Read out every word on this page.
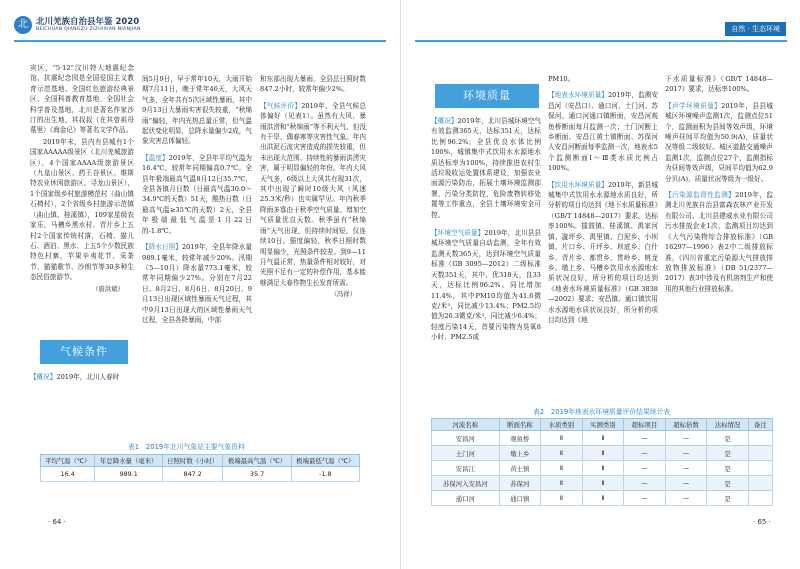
北 北川羌族自治县年鉴 2020
BEICHUAN QIANGZU ZIZHIXIAN NIANJIAN

宾区，“5·12”汶川特大地震纪念馆、抗震纪念园是全国爱国主义教育示范基地、全国红色旅游经典景区、全国科普教育基地、全国社会科学普及基地，北川是著名作家沙汀的出生地，其叔叔（在其曾祖母墓里）《海金记》等著名文学作品。

2019年末，县内有县城有1个国家AAAAA级景区（北川羌城旅游区），4个国家AAAA级旅游景区（九皇山景区、药王谷景区、维斯特农业休闲旅游区、寻龙山景区），1个国家级乡村旅游模范村（曲山镇石椅村），2个省级乡村旅游示范镇（曲山镇、桂溪镇），109家星级农家乐，马槽乡黑水村、青片乡上五村2个国家传统村落，石椅、猫儿石、酒泊、黑水、上五5个少数民族特色村寨，苹果辛夷花节、采茶节、猫猫歌节、沙朗节等30多种生态民俗旅游节。

（唐洪斌）
气候条件

【概况】2019年，北川人春时

间5月9日，早于常年10天，大雨开始期7月11日，晚于常年46天，大风天气多，全年共有5次区域性暴雨，其中9月13日大暴雨实害很失较重，“秋绵雨”偏轻，年内光热总量正常，但气温起伏变化明显，总降水量偏少2成，气象灾害总体偏轻。

【温度】2019年，全县年平均气温为16.4℃，较常年同期偏高0.7℃。全县年极端最高气温8月12日35.7℃，全县各镇月日数（日最高气温30.0～34.9℃的天数）51天，酷热日数（日最高气温≥35℃的天数）2天，全县年极端最低气温是1月22日的-1.8℃。

【降水日照】2019年，全县年降水量989.1毫米，较常年减少20%。汛期（5—10月）降水量773.1毫米，较常年同期偏少27%。分别在7月22日、8月2日、8月6日、8月20日、9月13日出现区域性暴雨天气过程，其中9月13日出现大的区域性暴雨天气过程，全县各降暴雨，中部

和东部出现大暴雨，全县总日照时数847.2小时，较常年偏少2%。

【气候评价】2019年，全县气候总体偏好（见表1）。虽然有大风、暴雨洪涝和“秋绵雨”等不利天气，但没有干旱、偶春寒等灾害性气象。年内出洪泥石流灾害造成的损失较重，但未出现大范围、持续性的暴雨洪涝灾害，属于明显偏轻的年份。年内大风天气多，6级以上大风共有现31次，其中出现了瞬时10级大风（风速25.3米/秒）也实属罕见。年内秋季降雨多寡由于秋季空气质量、增加空气质量优良天数。秋季虽有“秋绵雨”天气出现，但持续时间短，仅连续10日。强度偏轻，秋季日照时数明显偏少，光照条件较差。到9—11月气温正常，热量条件相对较好，对光照不足有一定的补偿作用，基本能够满足大春作物生长发育所需。

（冯祥）
表1　2019年北川气象站主要气象资料
平均气温（℃）	年总降水量（毫米）	日照时数（小时）	极端最高气温（℃）	极端最低气温（℃）
16.4	989.1	847.2	35.7	-1.8
· 64 ·
自然 · 生态环境
环境质量

【概况】2019年，北川县城环境空气有效监测365天，达标351天，达标比例96.2%；全县优良水体比例100%，城镇集中式饮用水水源地水质达标率为100%，持续推进农村生活垃圾收运处置体系建设，加强农业面源污染防治，拓展土壤环境监测部署，污染分类防控，危险废物转移处置等工作重点，全县土壤环境安全可控。

【环境空气质量】2019年，北川县县城环境空气质量自动监测，全年有效监测天数365天，达到环境空气质量标准（GB 3095—2012）二级标准天数351天，其中，优318天，良33天，达标比例96.2%。同比增加11.4%，其中PM10均值为41.6微克/米³，同比减少13.4%；PM2.5均值为26.3微克/米³，同比减少6.4%；轻度污染14天，首要污染物为臭氧8小时、PM2.5或

PM10。

【地表水环境质量】2019年，监测安昌河（安昌口）、通口河、土门河、苏保河、通口河通口镇断面，安昌河观鱼桥断面每月监测一次；土门河断上乡断面、安昌江黄土镇断面、苏保河人安昌河断面每季监测一次，地表水5个监测断面Ⅰ～Ⅲ类水质比例占100%。

【饮用水环境质量】2019年，新县城城集中式饮用水水源地水质良好，所分析的项目均达到《地下水质量标准》（GB/T 14848—2017）要求，达标率100%。擂鼓镇、桂溪镇、禹家河镇、漩坪乡、禹里镇、白泥乡、小坝镇、片口乡、开坪乡、坝底乡、白什乡、青片乡、都贯乡、贯岭乡、桃龙乡、墩上乡、马槽乡饮用水水源地水质状况良好，所分析的项目均达到《地表水环境质量标准》（GB 3838—2002）要求；安昌镇、通口镇饮用水水源地水质状况良好，所分析的项目均达到《地

下水质量标准》（GB/T 14848—2017）要求，达标率100%。

【声学环境质量】2019年，县县城城区环境噪声监测1次，监测点位51个，监测面积为县间等效声级，环境噪声昼间平均值为50.9(A)，质量状况等级二级较好。城区道路交通噪声监测1次，监测点位27个，监测指标为昼间等效声级，昼间平均值为62.9分贝(A)，质量状况等级为一级好。

【污染源监督性监测】2019年，监测北川羌族自治县富森农林产业开发有限公司、北川县建威水业有限公司污水排放企业1次，监测项目均达到《大气污染物综合排放标准》（GB 16297—1996）表2中二级排放标准，《四川省重定污染源大气排放排放物排放标准》（DB 51/2377—2017）表3中涉及有机溶剂生产和使用的其他行业排放标准。

表2　2019年地表水环境质量评价结果统计表
河流名称	断面名称	水质类别	实测类别	超标项目	超标倍数	达标情况	备注
安昌河	观鱼桥	Ⅱ	Ⅱ	—	—	是	
土门河	墩上乡	Ⅱ	Ⅱ	—	—	是	
安昌江	黄土镇	Ⅱ	Ⅱ	—	—	是	
苏保河入安昌河	苏保河	Ⅱ	Ⅱ	—	—	是	
通口河	通口镇	Ⅱ	Ⅱ	—	—	是	
· 65 ·
